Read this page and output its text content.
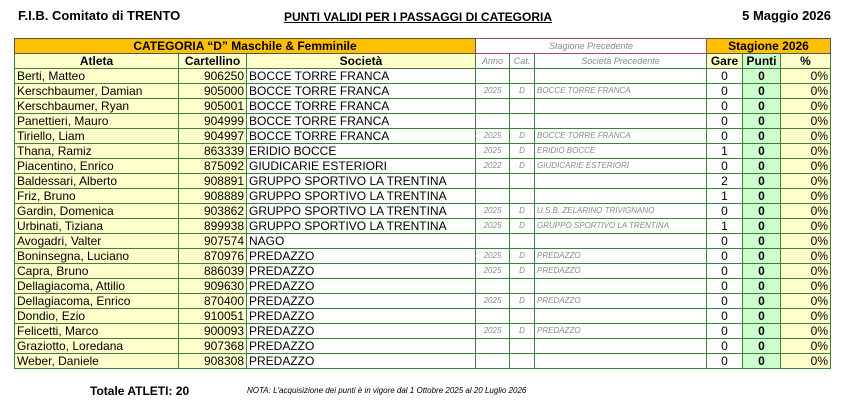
F.I.B. Comitato di TRENTO	PUNTI VALIDI PER I PASSAGGI DI CATEGORIA	5 Maggio 2026
CATEGORIA “D” Maschile & Femminile			Stagione Precedente			Stagione 2026		
Atleta	Cartellino	Società	Anno	Cat.	Società Precedente	Gare	Punti	%
Berti, Matteo	906250	BOCCE TORRE FRANCA				0	0	0%
Kerschbaumer, Damian	905000	BOCCE TORRE FRANCA	2025	D	BOCCE TORRE FRANCA	0	0	0%
Kerschbaumer, Ryan	905001	BOCCE TORRE FRANCA				0	0	0%
Panettieri, Mauro	904999	BOCCE TORRE FRANCA				0	0	0%
Tiriello, Liam	904997	BOCCE TORRE FRANCA	2025	D	BOCCE TORRE FRANCA	0	0	0%
Thana, Ramiz	863339	ERIDIO BOCCE	2025	D	ERIDIO BOCCE	1	0	0%
Piacentino, Enrico	875092	GIUDICARIE ESTERIORI	2022	D	GIUDICARIE ESTERIORI	0	0	0%
Baldessari, Alberto	908891	GRUPPO SPORTIVO LA TRENTINA				2	0	0%
Friz, Bruno	908889	GRUPPO SPORTIVO LA TRENTINA				1	0	0%
Gardin, Domenica	903862	GRUPPO SPORTIVO LA TRENTINA	2025	D	U.S.B. ZELARINO TRIVIGNANO	0	0	0%
Urbinati, Tiziana	899938	GRUPPO SPORTIVO LA TRENTINA	2025	D	GRUPPO SPORTIVO LA TRENTINA	1	0	0%
Avogadri, Valter	907574	NAGO				0	0	0%
Boninsegna, Luciano	870976	PREDAZZO	2025	D	PREDAZZO	0	0	0%
Capra, Bruno	886039	PREDAZZO	2025	D	PREDAZZO	0	0	0%
Dellagiacoma, Attilio	909630	PREDAZZO				0	0	0%
Dellagiacoma, Enrico	870400	PREDAZZO	2025	D	PREDAZZO	0	0	0%
Dondio, Ezio	910051	PREDAZZO				0	0	0%
Felicetti, Marco	900093	PREDAZZO	2025	D	PREDAZZO	0	0	0%
Graziotto, Loredana	907368	PREDAZZO				0	0	0%
Weber, Daniele	908308	PREDAZZO				0	0	0%
Totale ATLETI: 20	NOTA: L'acquisizione dei punti è in vigore dal 1 Ottobre 2025 al 20 Luglio 2026
